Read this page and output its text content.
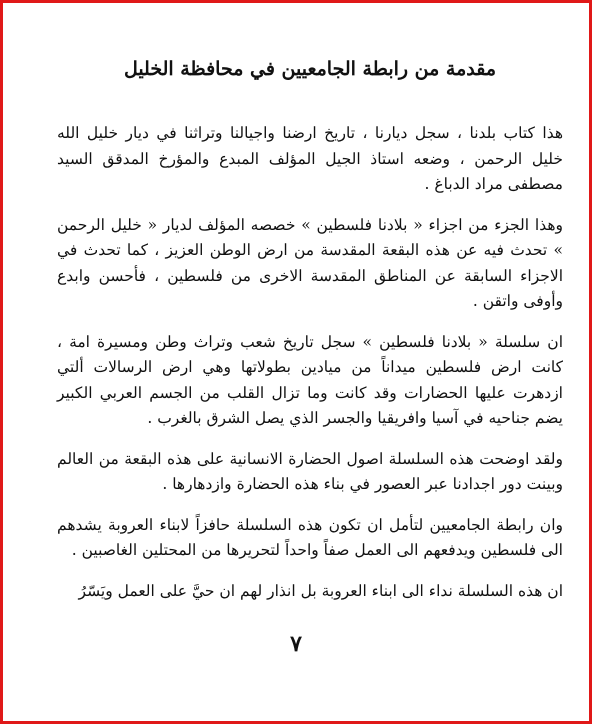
مقدمة من رابطة الجامعيين في محافظة الخليل
هذا كتاب بلدنا ، سجل ديارنا ، تاريخ ارضنا واجيالنا وتراثنا في ديار خليل الله خليل الرحمن ، وضعه استاذ الجيل المؤلف المبدع والمؤرخ المدقق السيد مصطفى مراد الدباغ .
وهذا الجزء من اجزاء « بلادنا فلسطين » خصصه المؤلف لديار « خليل الرحمن » تحدث فيه عن هذه البقعة المقدسة من ارض الوطن العزيز ، كما تحدث في الاجزاء السابقة عن المناطق المقدسة الاخرى من فلسطين ، فأحسن وابدع وأوفى واتقن .
ان سلسلة « بلادنا فلسطين » سجل تاريخ شعب وتراث وطن ومسيرة امة ، كانت ارض فلسطين ميداناً من ميادين بطولاتها وهي ارض الرسالات ألتي ازدهرت عليها الحضارات وقد كانت وما تزال القلب من الجسم العربي الكبير يضم جناحيه في آسيا وافريقيا والجسر الذي يصل الشرق بالغرب .
ولقد اوضحت هذه السلسلة اصول الحضارة الانسانية على هذه البقعة من العالم وبينت دور اجدادنا عبر العصور في بناء هذه الحضارة وازدهارها .
وان رابطة الجامعيين لتأمل ان تكون هذه السلسلة حافزاً لابناء العروبة يشدهم الى فلسطين ويدفعهم الى العمل صفاً واحداً لتحريرها من المحتلين الغاصبين .
ان هذه السلسلة نداء الى ابناء العروبة بل انذار لهم ان حيَّ على العمل ويَسّرُ
٧
